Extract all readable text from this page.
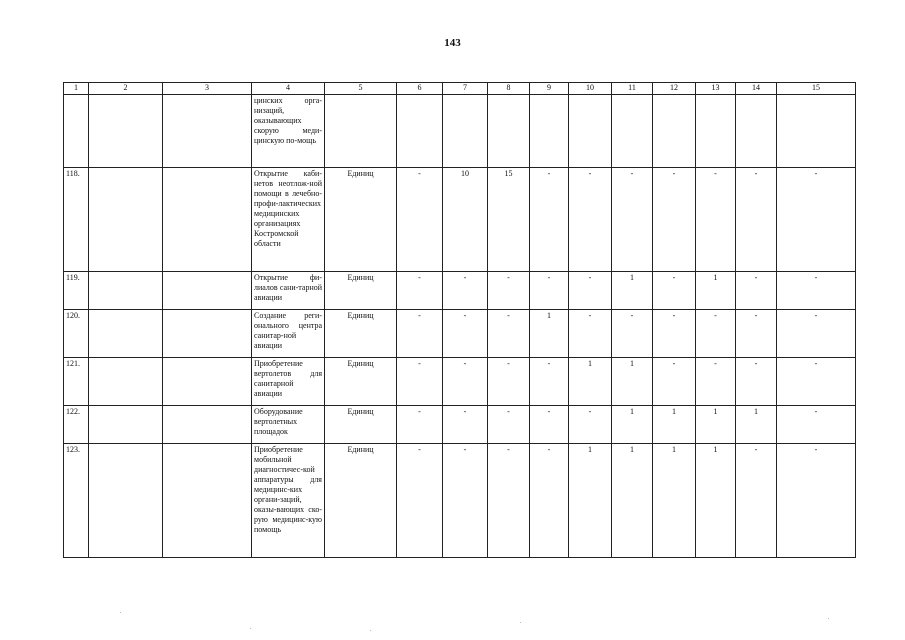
143
1	2	3	4	5	6	7	8	9	10	11	12	13	14	15
			цинских орга-низаций, оказывающих скорую меди-цинскую по-мощь											
118.			Открытие каби-нетов неотлож-ной помощи в лечебно-профи-лактических медицинских организациях Костромской области	Единиц	-	10	15	-	-	-	-	-	-	-
119.			Открытие фи-лиалов сани-тарной авиации	Единиц	-	-	-	-	-	1	-	1	-	-
120.			Создание реги-онального центра санитар-ной авиации	Единиц	-	-	-	1	-	-	-	-	-	-
121.			Приобретение вертолетов для санитарной авиации	Единиц	-	-	-	-	1	1	-	-	-	-
122.			Оборудование вертолетных площадок	Единиц	-	-	-	-	-	1	1	1	1	-
123.			Приобретение мобильной диагностичес-кой аппаратуры для медицинс-ких органи-заций, оказы-вающих ско-рую медицинс-кую помощь	Единиц	-	-	-	-	1	1	1	1	-	-
